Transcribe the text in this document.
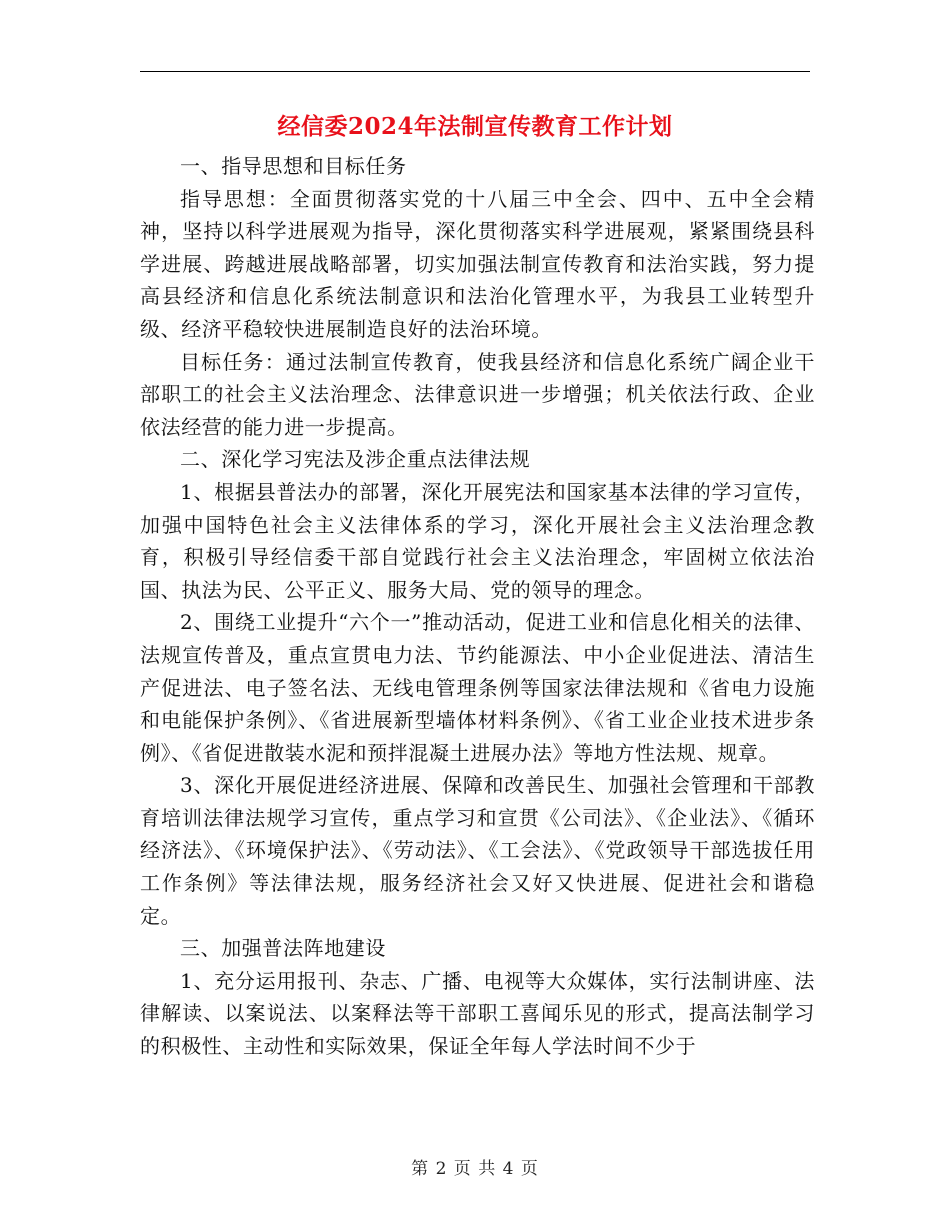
经信委2024年法制宣传教育工作计划

一、指导思想和目标任务

指导思想：全面贯彻落实党的十八届三中全会、四中、五中全会精神，坚持以科学进展观为指导，深化贯彻落实科学进展观，紧紧围绕县科学进展、跨越进展战略部署，切实加强法制宣传教育和法治实践，努力提高县经济和信息化系统法制意识和法治化管理水平，为我县工业转型升级、经济平稳较快进展制造良好的法治环境。

目标任务：通过法制宣传教育，使我县经济和信息化系统广阔企业干部职工的社会主义法治理念、法律意识进一步增强；机关依法行政、企业依法经营的能力进一步提高。

二、深化学习宪法及涉企重点法律法规

1、根据县普法办的部署，深化开展宪法和国家基本法律的学习宣传，加强中国特色社会主义法律体系的学习，深化开展社会主义法治理念教育，积极引导经信委干部自觉践行社会主义法治理念，牢固树立依法治国、执法为民、公平正义、服务大局、党的领导的理念。

2、围绕工业提升“六个一”推动活动，促进工业和信息化相关的法律、法规宣传普及，重点宣贯电力法、节约能源法、中小企业促进法、清洁生产促进法、电子签名法、无线电管理条例等国家法律法规和《省电力设施和电能保护条例》、《省进展新型墙体材料条例》、《省工业企业技术进步条例》、《省促进散装水泥和预拌混凝土进展办法》等地方性法规、规章。

3、深化开展促进经济进展、保障和改善民生、加强社会管理和干部教育培训法律法规学习宣传，重点学习和宣贯《公司法》、《企业法》、《循环经济法》、《环境保护法》、《劳动法》、《工会法》、《党政领导干部选拔任用工作条例》等法律法规，服务经济社会又好又快进展、促进社会和谐稳定。

三、加强普法阵地建设

1、充分运用报刊、杂志、广播、电视等大众媒体，实行法制讲座、法律解读、以案说法、以案释法等干部职工喜闻乐见的形式，提高法制学习的积极性、主动性和实际效果，保证全年每人学法时间不少于

第 2 页 共 4 页
